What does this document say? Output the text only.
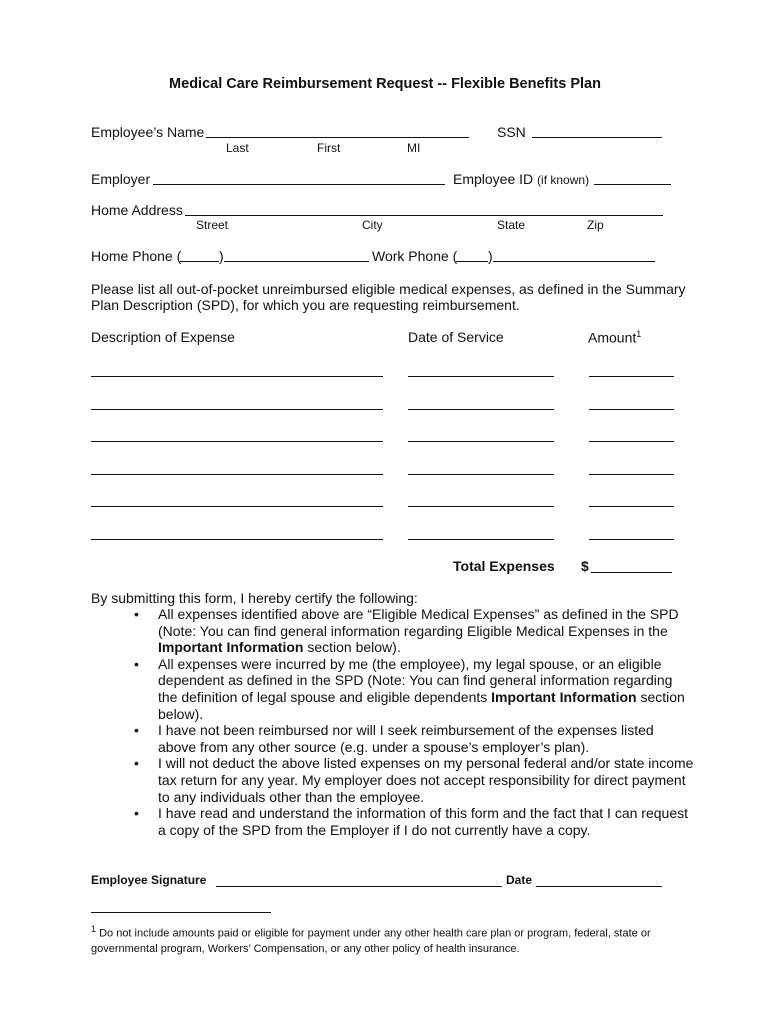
Medical Care Reimbursement Request -- Flexible Benefits Plan
Employee’s Name	SSN
Last	First	MI
Employer	Employee ID (if known)
Home Address
Street	City	State	Zip
Home Phone (	)	Work Phone ( )
Please list all out-of-pocket unreimbursed eligible medical expenses, as defined in the Summary
Plan Description (SPD), for which you are requesting reimbursement.
Description of Expense	Date of Service	Amount$^1$
Total Expenses $
By submitting this form, I hereby certify the following:
• All expenses identified above are “Eligible Medical Expenses” as defined in the SPD (Note: You can find general information regarding Eligible Medical Expenses in the Important Information section below).
• All expenses were incurred by me (the employee), my legal spouse, or an eligible dependent as defined in the SPD (Note: You can find general information regarding the definition of legal spouse and eligible dependents Important Information section below).
• I have not been reimbursed nor will I seek reimbursement of the expenses listed above from any other source (e.g. under a spouse’s employer’s plan).
• I will not deduct the above listed expenses on my personal federal and/or state income tax return for any year. My employer does not accept responsibility for direct payment to any individuals other than the employee.
• I have read and understand the information of this form and the fact that I can request a copy of the SPD from the Employer if I do not currently have a copy.
Employee Signature	Date
$^1$ Do not include amounts paid or eligible for payment under any other health care plan or program, federal, state or governmental program, Workers’ Compensation, or any other policy of health insurance.
